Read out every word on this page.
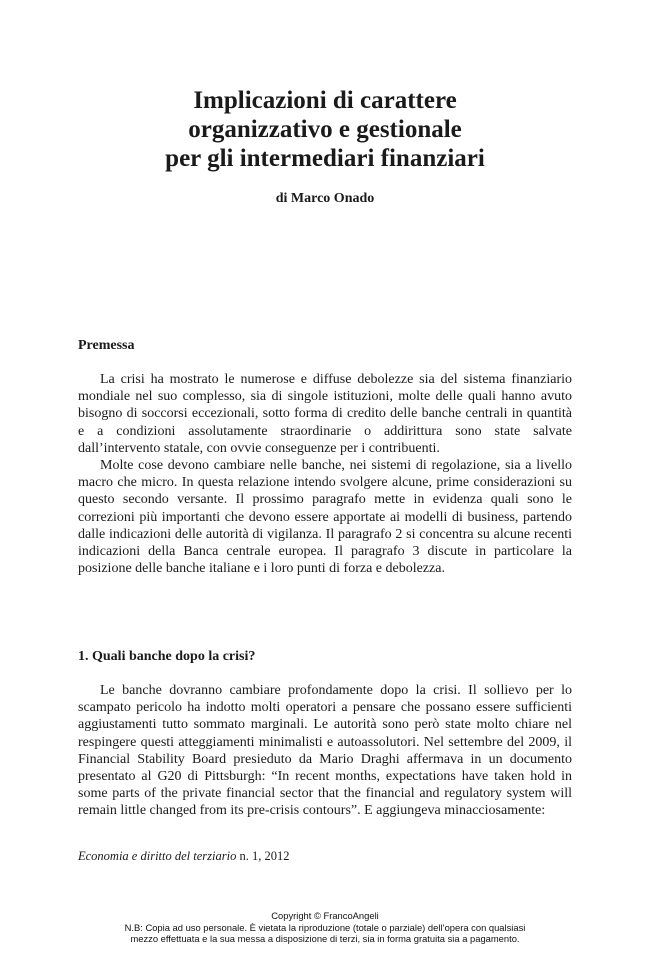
Implicazioni di carattere
organizzativo e gestionale
per gli intermediari finanziari
di Marco Onado
Premessa

La crisi ha mostrato le numerose e diffuse debolezze sia del sistema finanziario mondiale nel suo complesso, sia di singole istituzioni, molte delle quali hanno avuto bisogno di soccorsi eccezionali, sotto forma di credito delle banche centrali in quantità e a condizioni assolutamente straordinarie o addirittura sono state salvate dall’intervento statale, con ovvie conseguenze per i contribuenti.

Molte cose devono cambiare nelle banche, nei sistemi di regolazione, sia a livello macro che micro. In questa relazione intendo svolgere alcune, prime considerazioni su questo secondo versante. Il prossimo paragrafo mette in evidenza quali sono le correzioni più importanti che devono essere apportate ai modelli di business, partendo dalle indicazioni delle autorità di vigilanza. Il paragrafo 2 si concentra su alcune recenti indicazioni della Banca centrale europea. Il paragrafo 3 discute in particolare la posizione delle banche italiane e i loro punti di forza e debolezza.

1. Quali banche dopo la crisi?

Le banche dovranno cambiare profondamente dopo la crisi. Il sollievo per lo scampato pericolo ha indotto molti operatori a pensare che possano essere sufficienti aggiustamenti tutto sommato marginali. Le autorità sono però state molto chiare nel respingere questi atteggiamenti minimalisti e autoassolutori. Nel settembre del 2009, il Financial Stability Board presieduto da Mario Draghi affermava in un documento presentato al G20 di Pittsburgh: “In recent months, expectations have taken hold in some parts of the private financial sector that the financial and regulatory system will remain little changed from its pre-crisis contours”. E aggiungeva minacciosamente:

Economia e diritto del terziario n. 1, 2012
Copyright © FrancoAngeli
N.B: Copia ad uso personale. È vietata la riproduzione (totale o parziale) dell’opera con qualsiasi
mezzo effettuata e la sua messa a disposizione di terzi, sia in forma gratuita sia a pagamento.
